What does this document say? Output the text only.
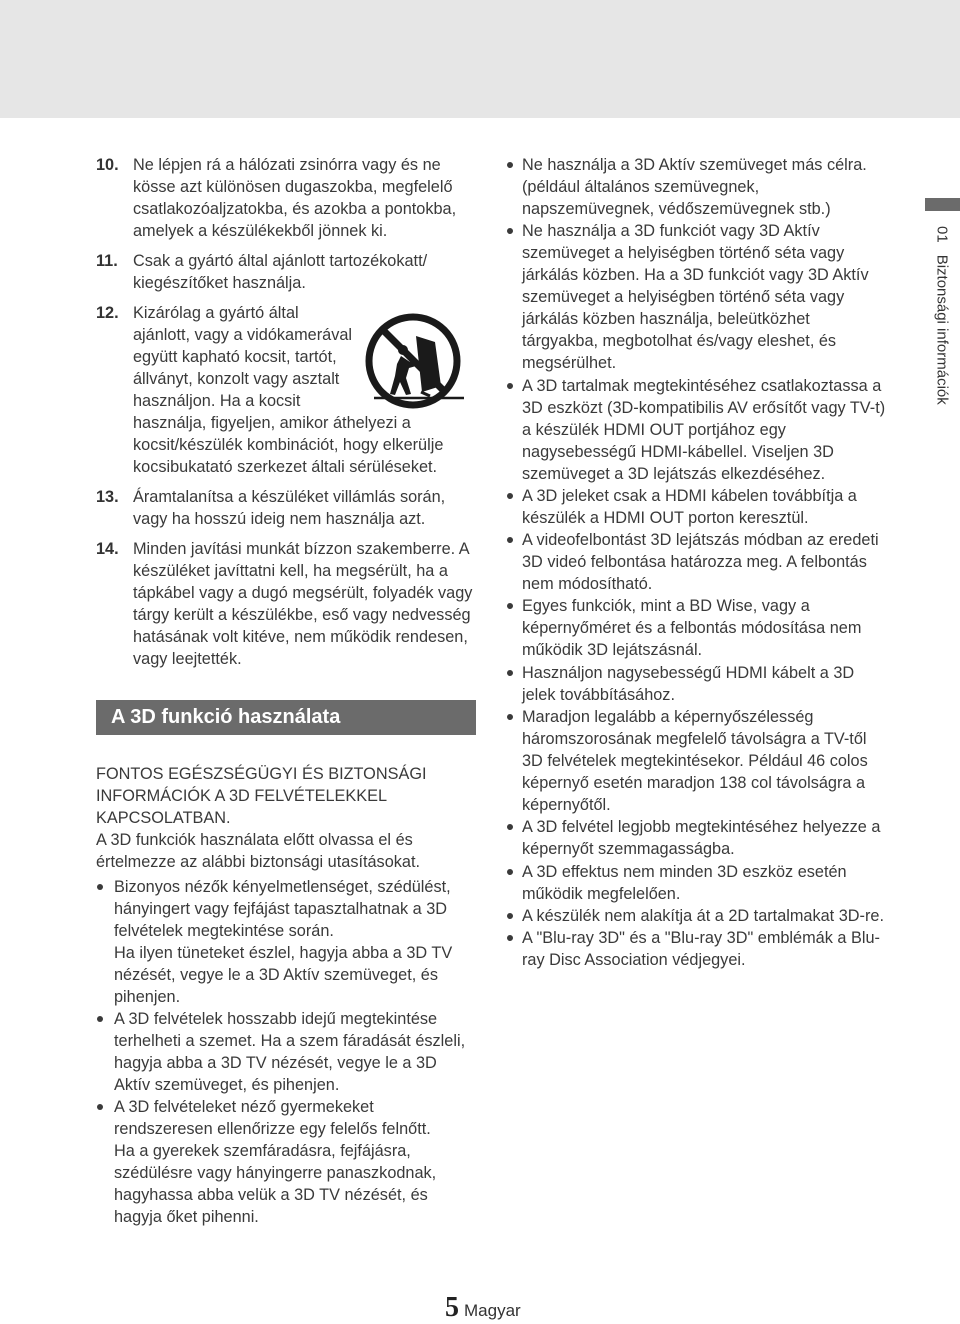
10. Ne lépjen rá a hálózati zsinórra vagy és ne kösse azt különösen dugaszokba, megfelelő csatlakozóaljzatokba, és azokba a pontokba, amelyek a készülékekből jönnek ki.
11. Csak a gyártó által ajánlott tartozékokatt/ kiegészítőket használja.
12. Kizárólag a gyártó által ajánlott, vagy a vidókamerával együtt kapható kocsit, tartót, állványt, konzolt vagy asztalt használjon. Ha a kocsit használja, figyeljen, amikor áthelyezi a kocsit/készülék kombinációt, hogy elkerülje kocsibukatató szerkezet általi sérüléseket.
13. Áramtalanítsa a készüléket villámlás során, vagy ha hosszú ideig nem használja azt.
14. Minden javítási munkát bízzon szakemberre. A készüléket javíttatni kell, ha megsérült, ha a tápkábel vagy a dugó megsérült, folyadék vagy tárgy került a készülékbe, eső vagy nedvesség hatásának volt kitéve, nem működik rendesen, vagy leejtették.
A 3D funkció használata

FONTOS EGÉSZSÉGÜGYI ÉS BIZTONSÁGI INFORMÁCIÓK A 3D FELVÉTELEKKEL KAPCSOLATBAN.

A 3D funkciók használata előtt olvassa el és értelmezze az alábbi biztonsági utasításokat.

Bizonyos nézők kényelmetlenséget, szédülést, hányingert vagy fejfájást tapasztalhatnak a 3D felvételek megtekintése során.
Ha ilyen tüneteket észlel, hagyja abba a 3D TV nézését, vegye le a 3D Aktív szemüveget, és pihenjen.
A 3D felvételek hosszabb idejű megtekintése terhelheti a szemet. Ha a szem fáradását észleli, hagyja abba a 3D TV nézését, vegye le a 3D Aktív szemüveget, és pihenjen.
A 3D felvételeket néző gyermekeket rendszeresen ellenőrizze egy felelős felnőtt.
Ha a gyerekek szemfáradásra, fejfájásra, szédülésre vagy hányingerre panaszkodnak, hagyhassa abba velük a 3D TV nézését, és hagyja őket pihenni.
Ne használja a 3D Aktív szemüveget más célra. (például általános szemüvegnek, napszemüvegnek, védőszemüvegnek stb.)
Ne használja a 3D funkciót vagy 3D Aktív szemüveget a helyiségben történő séta vagy járkálás közben. Ha a 3D funkciót vagy 3D Aktív szemüveget a helyiségben történő séta vagy járkálás közben használja, beleütközhet tárgyakba, megbotolhat és/vagy eleshet, és megsérülhet.
A 3D tartalmak megtekintéséhez csatlakoztassa a 3D eszközt (3D-kompatibilis AV erősítőt vagy TV-t) a készülék HDMI OUT portjához egy nagysebességű HDMI-kábellel. Viseljen 3D szemüveget a 3D lejátszás elkezdéséhez.
A 3D jeleket csak a HDMI kábelen továbbítja a készülék a HDMI OUT porton keresztül.
A videofelbontást 3D lejátszás módban az eredeti 3D videó felbontása határozza meg. A felbontás nem módosítható.
Egyes funkciók, mint a BD Wise, vagy a képernyőméret és a felbontás módosítása nem működik 3D lejátszásnál.
Használjon nagysebességű HDMI kábelt a 3D jelek továbbításához.
Maradjon legalább a képernyőszélesség háromszorosának megfelelő távolságra a TV-től 3D felvételek megtekintésekor. Például 46 colos képernyő esetén maradjon 138 col távolságra a képernyőtől.
A 3D felvétel legjobb megtekintéséhez helyezze a képernyőt szemmagasságba.
A 3D effektus nem minden 3D eszköz esetén működik megfelelően.
A készülék nem alakítja át a 2D tartalmakat 3D-re.
A "Blu-ray 3D" és a "Blu-ray 3D" emblémák a Blu-ray Disc Association védjegyei.
01Biztonsági információk
5 Magyar
